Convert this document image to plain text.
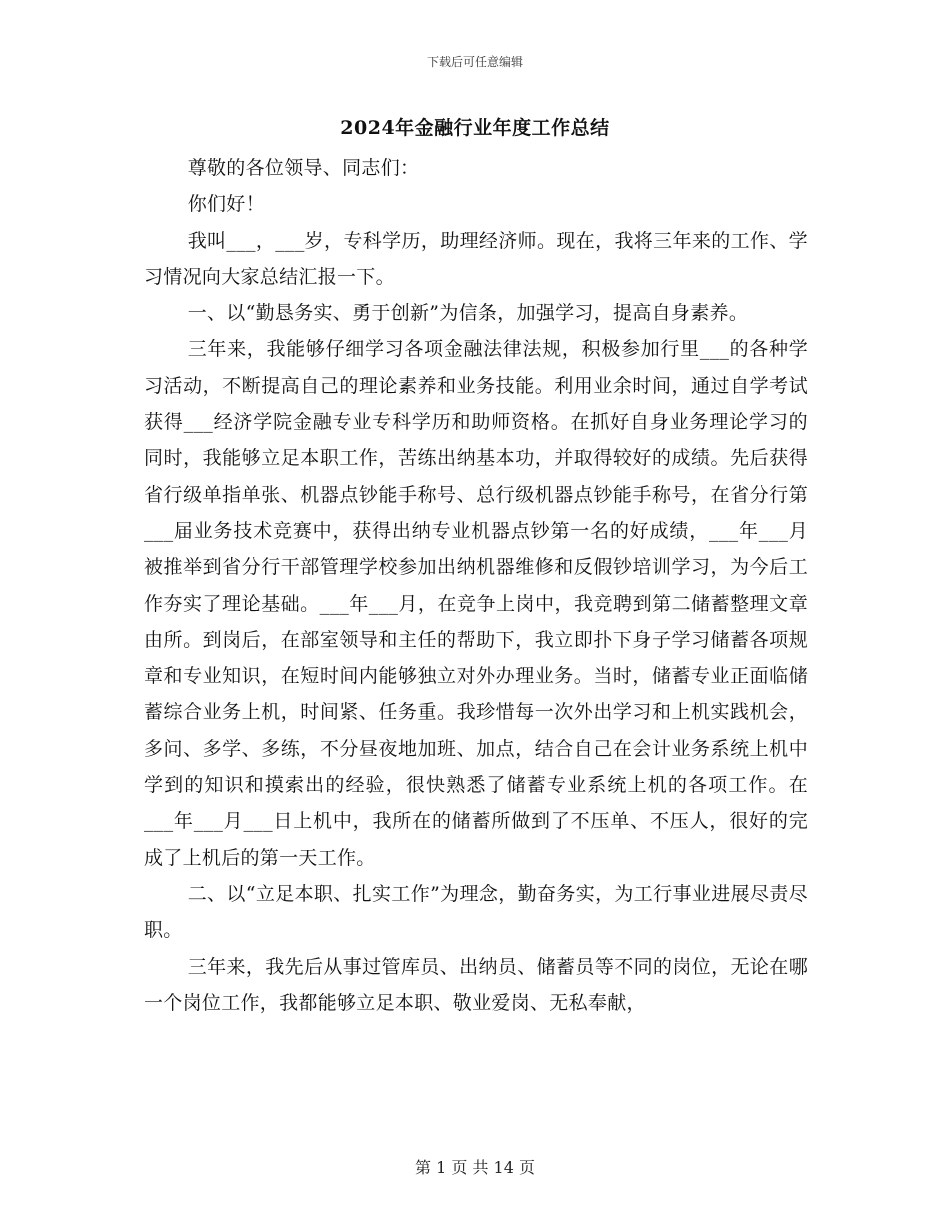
下载后可任意编辑
2024年金融行业年度工作总结

尊敬的各位领导、同志们：

你们好！

我叫___，___岁，专科学历，助理经济师。现在，我将三年来的工作、学习情况向大家总结汇报一下。

一、以“勤恳务实、勇于创新”为信条，加强学习，提高自身素养。

三年来，我能够仔细学习各项金融法律法规，积极参加行里___的各种学习活动，不断提高自己的理论素养和业务技能。利用业余时间，通过自学考试获得___经济学院金融专业专科学历和助师资格。在抓好自身业务理论学习的同时，我能够立足本职工作，苦练出纳基本功，并取得较好的成绩。先后获得省行级单指单张、机器点钞能手称号、总行级机器点钞能手称号，在省分行第___届业务技术竞赛中，获得出纳专业机器点钞第一名的好成绩，___年___月被推举到省分行干部管理学校参加出纳机器维修和反假钞培训学习，为今后工作夯实了理论基础。___年___月，在竞争上岗中，我竞聘到第二储蓄整理文章由所。到岗后，在部室领导和主任的帮助下，我立即扑下身子学习储蓄各项规章和专业知识，在短时间内能够独立对外办理业务。当时，储蓄专业正面临储蓄综合业务上机，时间紧、任务重。我珍惜每一次外出学习和上机实践机会，多问、多学、多练，不分昼夜地加班、加点，结合自己在会计业务系统上机中学到的知识和摸索出的经验，很快熟悉了储蓄专业系统上机的各项工作。在___年___月___日上机中，我所在的储蓄所做到了不压单、不压人，很好的完成了上机后的第一天工作。

二、以“立足本职、扎实工作”为理念，勤奋务实，为工行事业进展尽责尽职。

三年来，我先后从事过管库员、出纳员、储蓄员等不同的岗位，无论在哪一个岗位工作，我都能够立足本职、敬业爱岗、无私奉献，

第 1 页 共 14 页
